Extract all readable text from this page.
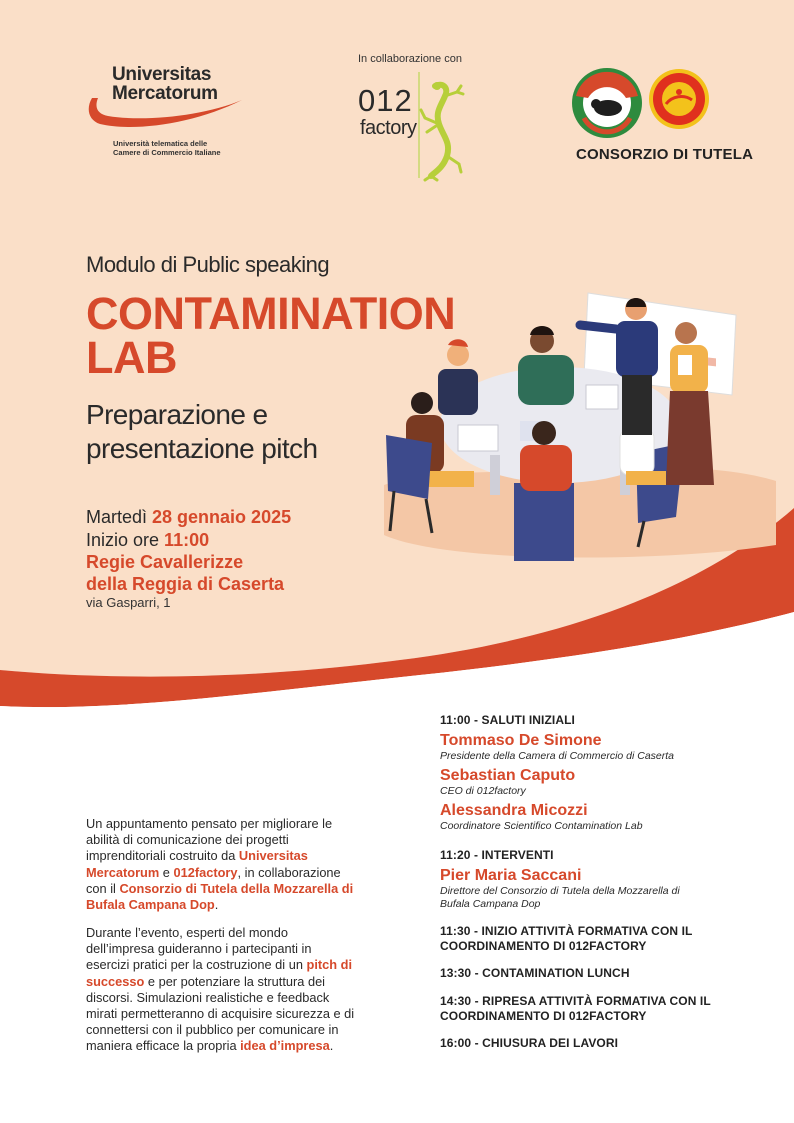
Universitas
Mercatorum
Università telematica delle
Camere di Commercio Italiane
In collaborazione con
012
factory
CONSORZIO DI TUTELA
Modulo di Public speaking
CONTAMINATION
LAB
Preparazione e
presentazione pitch
Martedì 28 gennaio 2025
Inizio ore 11:00
Regie Cavallerizze
della Reggia di Caserta
via Gasparri, 1
Un appuntamento pensato per migliorare le abilità di comunicazione dei progetti imprenditoriali costruito da Universitas Mercatorum e 012factory, in collaborazione con il Consorzio di Tutela della Mozzarella di Bufala Campana Dop.
Durante l’evento, esperti del mondo dell’impresa guideranno i partecipanti in esercizi pratici per la costruzione di un pitch di successo e per potenziare la struttura dei discorsi. Simulazioni realistiche e feedback mirati permetteranno di acquisire sicurezza e di connettersi con il pubblico per comunicare in maniera efficace la propria idea d’impresa.
11:00 - SALUTI INIZIALI
Tommaso De Simone
Presidente della Camera di Commercio di Caserta
Sebastian Caputo
CEO di 012factory
Alessandra Micozzi
Coordinatore Scientifico Contamination Lab
11:20 - INTERVENTI
Pier Maria Saccani
Direttore del Consorzio di Tutela della Mozzarella di
Bufala Campana Dop
11:30 - INIZIO ATTIVITÀ FORMATIVA CON IL
COORDINAMENTO DI 012FACTORY
13:30 - CONTAMINATION LUNCH
14:30 - RIPRESA ATTIVITÀ FORMATIVA CON IL
COORDINAMENTO DI 012FACTORY
16:00 - CHIUSURA DEI LAVORI
